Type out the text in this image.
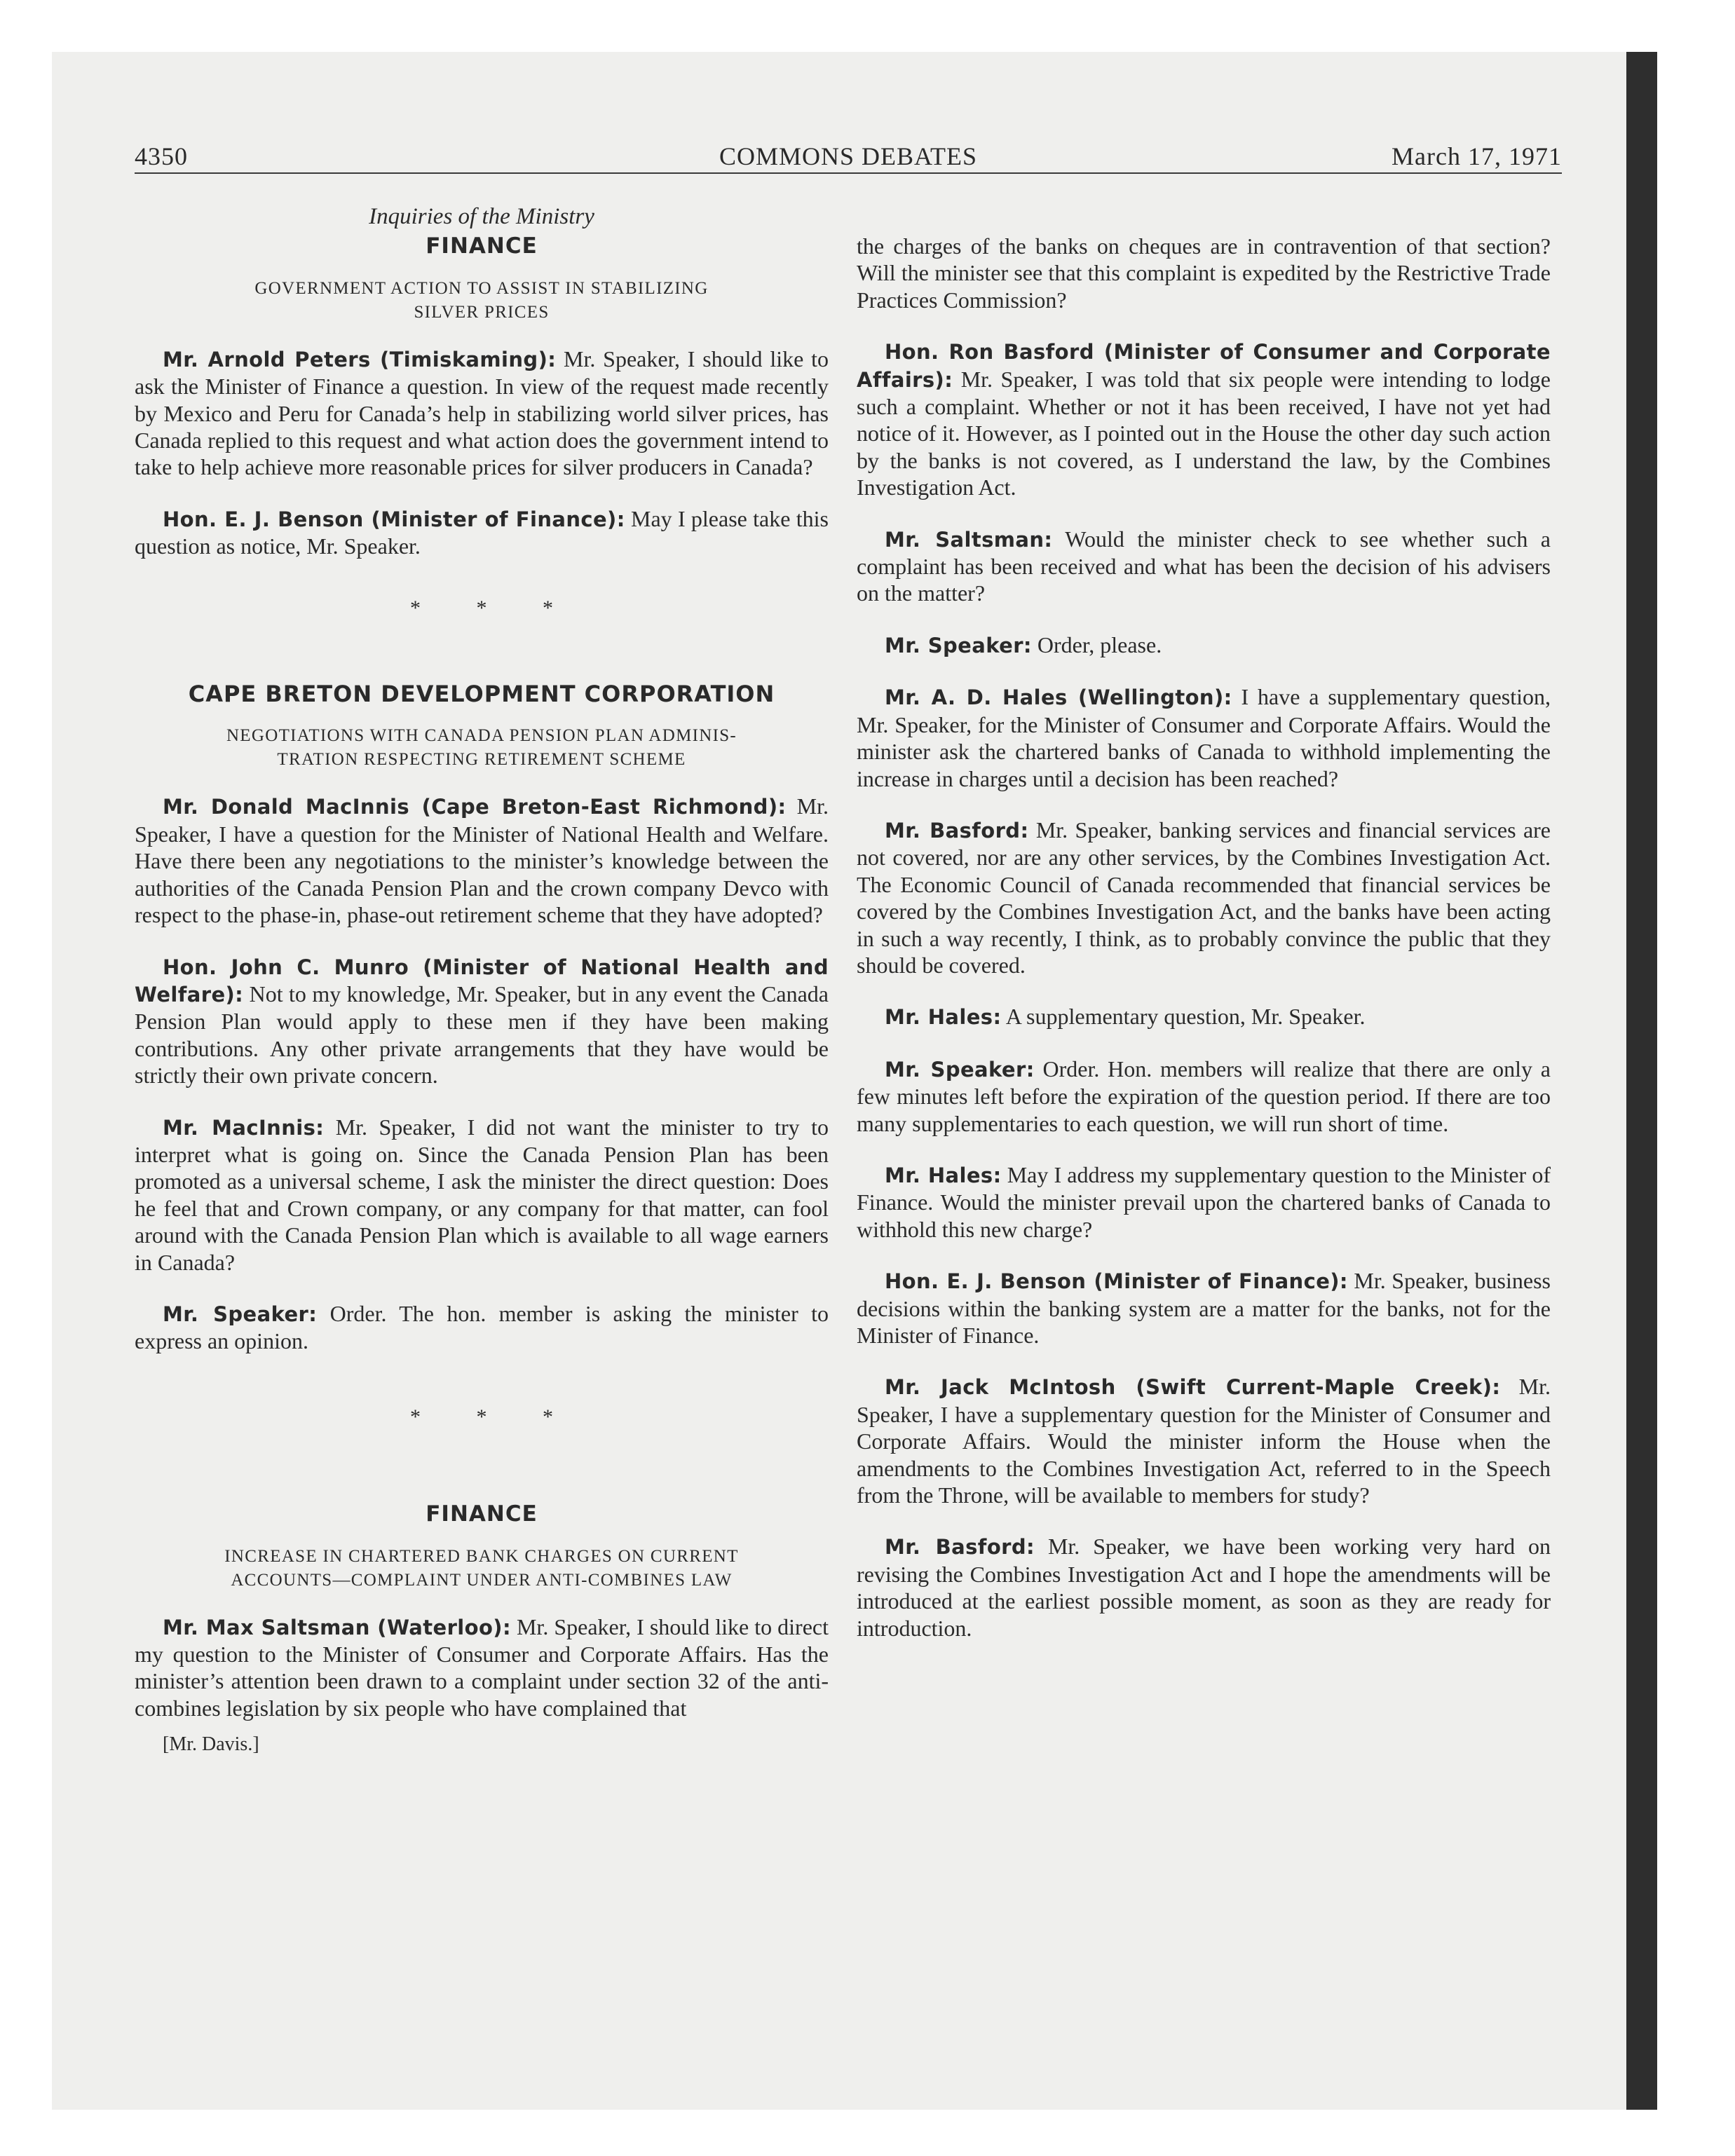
4350	COMMONS DEBATES	March 17, 1971
Inquiries of the Ministry
FINANCE
GOVERNMENT ACTION TO ASSIST IN STABILIZING
SILVER PRICES

Mr. Arnold Peters (Timiskaming): Mr. Speaker, I should like to ask the Minister of Finance a question. In view of the request made recently by Mexico and Peru for Canada’s help in stabilizing world silver prices, has Canada replied to this request and what action does the government intend to take to help achieve more reasonable prices for silver producers in Canada?

Hon. E. J. Benson (Minister of Finance): May I please take this question as notice, Mr. Speaker.

* * *
CAPE BRETON DEVELOPMENT CORPORATION
NEGOTIATIONS WITH CANADA PENSION PLAN ADMINIS-
TRATION RESPECTING RETIREMENT SCHEME

Mr. Donald MacInnis (Cape Breton-East Richmond): Mr. Speaker, I have a question for the Minister of National Health and Welfare. Have there been any negotiations to the minister’s knowledge between the authorities of the Canada Pension Plan and the crown company Devco with respect to the phase-in, phase-out retirement scheme that they have adopted?

Hon. John C. Munro (Minister of National Health and Welfare): Not to my knowledge, Mr. Speaker, but in any event the Canada Pension Plan would apply to these men if they have been making contributions. Any other private arrangements that they have would be strictly their own private concern.

Mr. MacInnis: Mr. Speaker, I did not want the minister to try to interpret what is going on. Since the Canada Pension Plan has been promoted as a universal scheme, I ask the minister the direct question: Does he feel that and Crown company, or any company for that matter, can fool around with the Canada Pension Plan which is available to all wage earners in Canada?

Mr. Speaker: Order. The hon. member is asking the minister to express an opinion.

* * *
FINANCE
INCREASE IN CHARTERED BANK CHARGES ON CURRENT
ACCOUNTS—COMPLAINT UNDER ANTI-COMBINES LAW

Mr. Max Saltsman (Waterloo): Mr. Speaker, I should like to direct my question to the Minister of Consumer and Corporate Affairs. Has the minister’s attention been drawn to a complaint under section 32 of the anti-combines legislation by six people who have complained that

[Mr. Davis.]

the charges of the banks on cheques are in contravention of that section? Will the minister see that this complaint is expedited by the Restrictive Trade Practices Commission?

Hon. Ron Basford (Minister of Consumer and Corporate Affairs): Mr. Speaker, I was told that six people were intending to lodge such a complaint. Whether or not it has been received, I have not yet had notice of it. However, as I pointed out in the House the other day such action by the banks is not covered, as I understand the law, by the Combines Investigation Act.

Mr. Saltsman: Would the minister check to see whether such a complaint has been received and what has been the decision of his advisers on the matter?

Mr. Speaker: Order, please.

Mr. A. D. Hales (Wellington): I have a supplementary question, Mr. Speaker, for the Minister of Consumer and Corporate Affairs. Would the minister ask the chartered banks of Canada to withhold implementing the increase in charges until a decision has been reached?

Mr. Basford: Mr. Speaker, banking services and financial services are not covered, nor are any other services, by the Combines Investigation Act. The Economic Council of Canada recommended that financial services be covered by the Combines Investigation Act, and the banks have been acting in such a way recently, I think, as to probably convince the public that they should be covered.

Mr. Hales: A supplementary question, Mr. Speaker.

Mr. Speaker: Order. Hon. members will realize that there are only a few minutes left before the expiration of the question period. If there are too many supplementaries to each question, we will run short of time.

Mr. Hales: May I address my supplementary question to the Minister of Finance. Would the minister prevail upon the chartered banks of Canada to withhold this new charge?

Hon. E. J. Benson (Minister of Finance): Mr. Speaker, business decisions within the banking system are a matter for the banks, not for the Minister of Finance.

Mr. Jack McIntosh (Swift Current-Maple Creek): Mr. Speaker, I have a supplementary question for the Minister of Consumer and Corporate Affairs. Would the minister inform the House when the amendments to the Combines Investigation Act, referred to in the Speech from the Throne, will be available to members for study?

Mr. Basford: Mr. Speaker, we have been working very hard on revising the Combines Investigation Act and I hope the amendments will be introduced at the earliest possible moment, as soon as they are ready for introduction.
